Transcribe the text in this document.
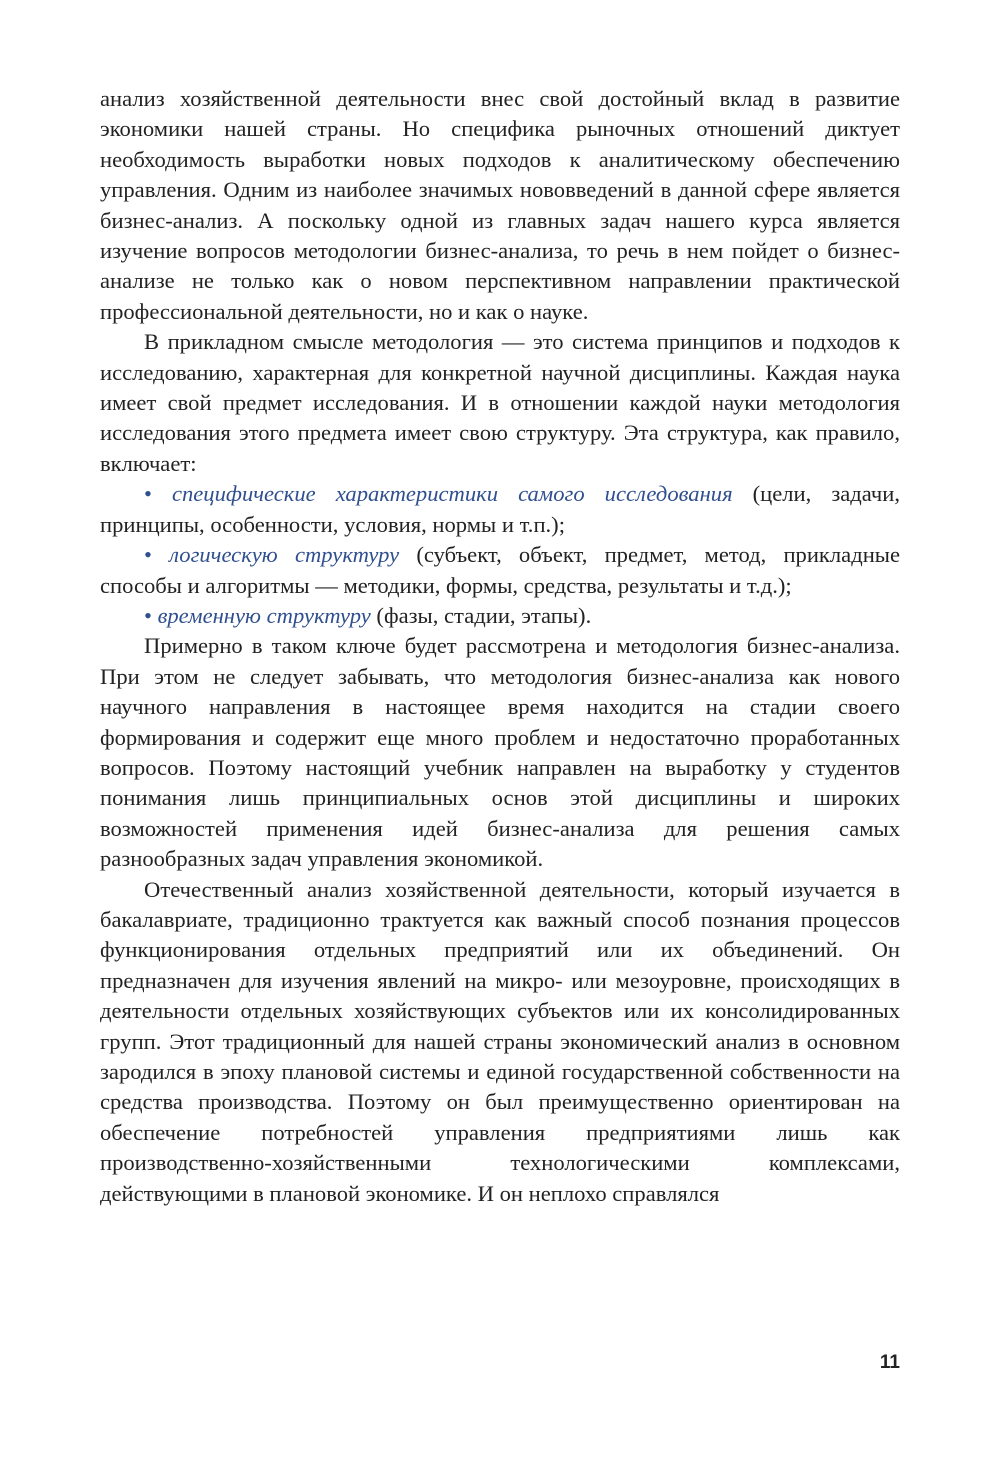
анализ хозяйственной деятельности внес свой достойный вклад в развитие экономики нашей страны. Но специфика рыночных отношений диктует необходимость выработки новых подходов к аналитическому обеспечению управления. Одним из наиболее значимых нововведений в данной сфере является бизнес-анализ. А поскольку одной из главных задач нашего курса является изучение вопросов методологии бизнес-анализа, то речь в нем пойдет о бизнес-анализе не только как о новом перспективном направлении практической профессиональной деятельности, но и как о науке.

В прикладном смысле методология — это система принципов и подходов к исследованию, характерная для конкретной научной дисциплины. Каждая наука имеет свой предмет исследования. И в отношении каждой науки методология исследования этого предмета имеет свою структуру. Эта структура, как правило, включает:

• специфические характеристики самого исследования (цели, задачи, принципы, особенности, условия, нормы и т.п.);

• логическую структуру (субъект, объект, предмет, метод, прикладные способы и алгоритмы — методики, формы, средства, результаты и т.д.);

• временную структуру (фазы, стадии, этапы).

Примерно в таком ключе будет рассмотрена и методология бизнес-анализа. При этом не следует забывать, что методология бизнес-анализа как нового научного направления в настоящее время находится на стадии своего формирования и содержит еще много проблем и недостаточно проработанных вопросов. Поэтому настоящий учебник направлен на выработку у студентов понимания лишь принципиальных основ этой дисциплины и широких возможностей применения идей бизнес-анализа для решения самых разнообразных задач управления экономикой.

Отечественный анализ хозяйственной деятельности, который изучается в бакалавриате, традиционно трактуется как важный способ познания процессов функционирования отдельных предприятий или их объединений. Он предназначен для изучения явлений на микро- или мезоуровне, происходящих в деятельности отдельных хозяйствующих субъектов или их консолидированных групп. Этот традиционный для нашей страны экономический анализ в основном зародился в эпоху плановой системы и единой государственной собственности на средства производства. Поэтому он был преимущественно ориентирован на обеспечение потребностей управления предприятиями лишь как производственно-хозяйственными технологическими комплексами, действующими в плановой экономике. И он неплохо справлялся

11
